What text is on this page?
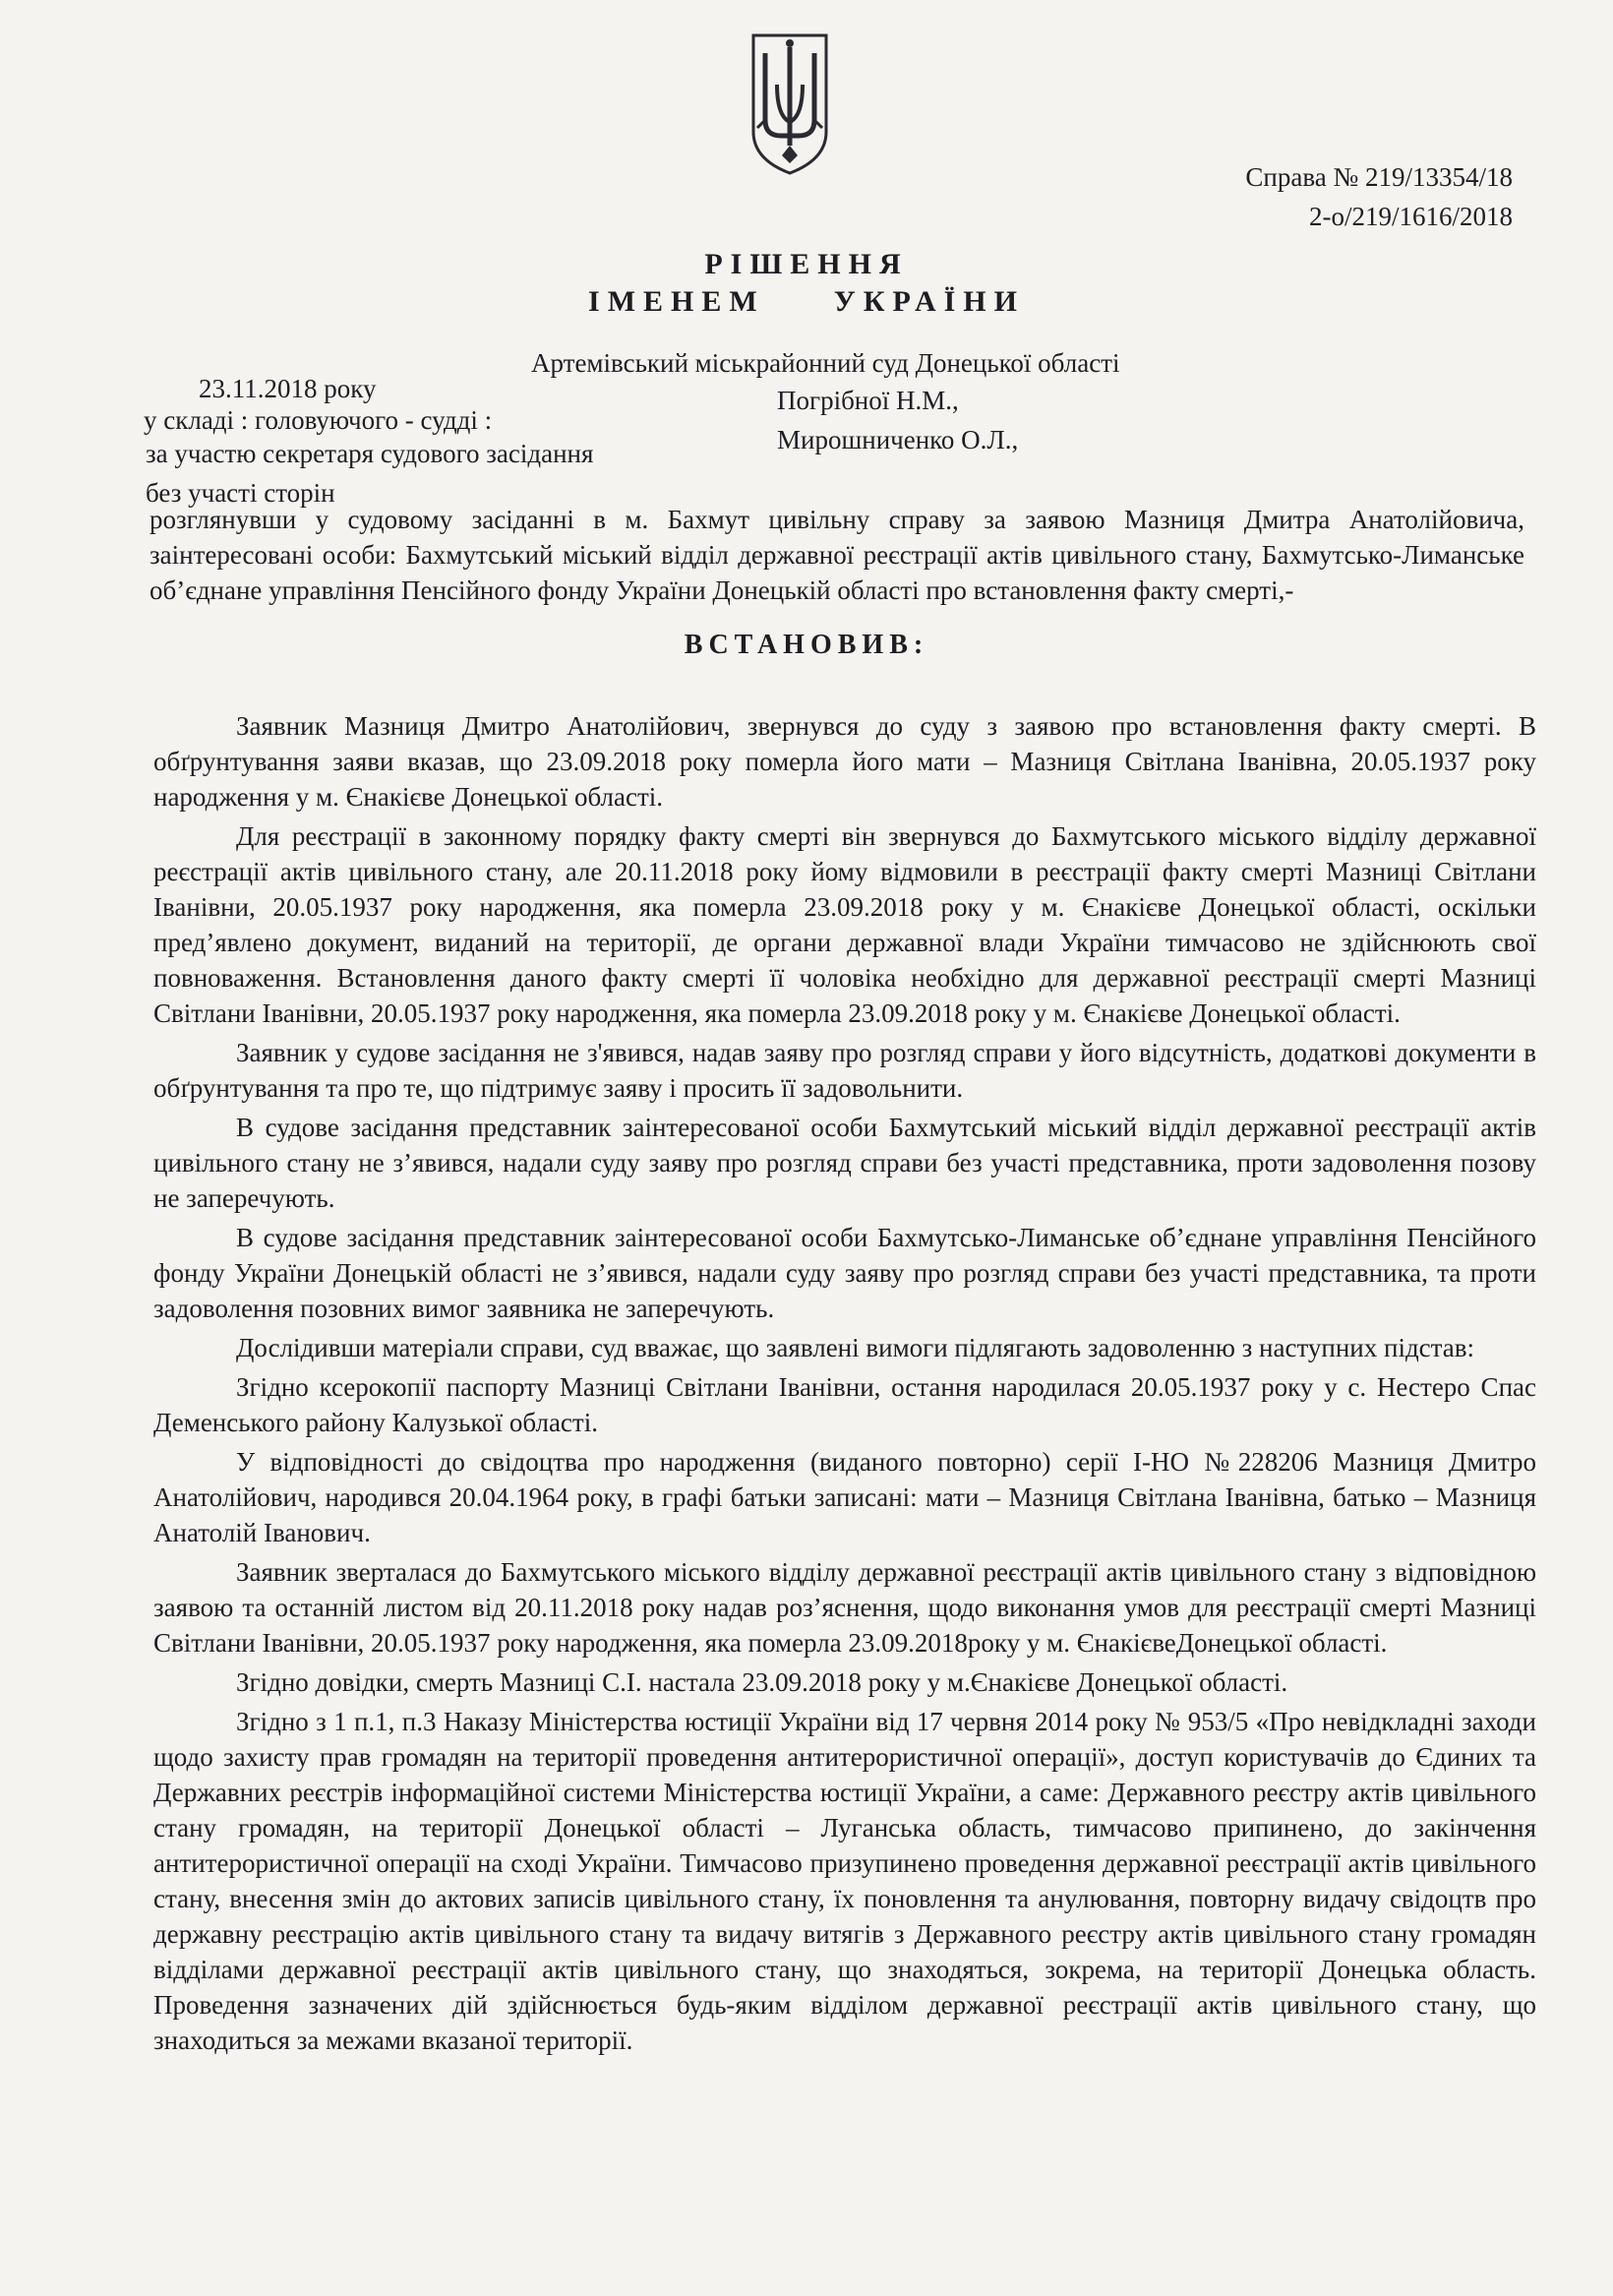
Справа № 219/13354/18
2-о/219/1616/2018
РІШЕННЯ
ІМЕНЕМ УКРАЇНИ
23.11.2018 року
Артемівський міськрайонний суд Донецької області
у складі : головуючого - судді :
Погрібної Н.М.,
за участю секретаря судового засідання	Мирошниченко О.Л.,
без участі сторін
розглянувши у судовому засіданні в м. Бахмут цивільну справу за заявою Мазниця Дмитра Анатолійовича, заінтересовані особи: Бахмутський міський відділ державної реєстрації актів цивільного стану, Бахмутсько-Лиманське об’єднане управління Пенсійного фонду України Донецькій області про встановлення факту смерті,-
ВСТАНОВИВ:

Заявник Мазниця Дмитро Анатолійович, звернувся до суду з заявою про встановлення факту смерті. В обґрунтування заяви вказав, що 23.09.2018 року померла його мати – Мазниця Світлана Іванівна, 20.05.1937 року народження у м. Єнакієве Донецької області.

Для реєстрації в законному порядку факту смерті він звернувся до Бахмутського міського відділу державної реєстрації актів цивільного стану, але 20.11.2018 року йому відмовили в реєстрації факту смерті Мазниці Світлани Іванівни, 20.05.1937 року народження, яка померла 23.09.2018 року у м. Єнакієве Донецької області, оскільки пред’явлено документ, виданий на території, де органи державної влади України тимчасово не здійснюють свої повноваження. Встановлення даного факту смерті її чоловіка необхідно для державної реєстрації смерті Мазниці Світлани Іванівни, 20.05.1937 року народження, яка померла 23.09.2018 року у м. Єнакієве Донецької області.

Заявник у судове засідання не з'явився, надав заяву про розгляд справи у його відсутність, додаткові документи в обґрунтування та про те, що підтримує заяву і просить її задовольнити.

В судове засідання представник заінтересованої особи Бахмутський міський відділ державної реєстрації актів цивільного стану не з’явився, надали суду заяву про розгляд справи без участі представника, проти задоволення позову не заперечують.

В судове засідання представник заінтересованої особи Бахмутсько-Лиманське об’єднане управління Пенсійного фонду України Донецькій області не з’явився, надали суду заяву про розгляд справи без участі представника, та проти задоволення позовних вимог заявника не заперечують.

Дослідивши матеріали справи, суд вважає, що заявлені вимоги підлягають задоволенню з наступних підстав:

Згідно ксерокопії паспорту Мазниці Світлани Іванівни, остання народилася 20.05.1937 року у с. Нестеро Спас Деменського району Калузької області.

У відповідності до свідоцтва про народження (виданого повторно) серії І-НО №228206 Мазниця Дмитро Анатолійович, народився 20.04.1964 року, в графі батьки записані: мати – Мазниця Світлана Іванівна, батько – Мазниця Анатолій Іванович.

Заявник зверталася до Бахмутського міського відділу державної реєстрації актів цивільного стану з відповідною заявою та останній листом від 20.11.2018 року надав роз’яснення, щодо виконання умов для реєстрації смерті Мазниці Світлани Іванівни, 20.05.1937 року народження, яка померла 23.09.2018року у м. ЄнакієвеДонецької області.

Згідно довідки, смерть Мазниці С.І. настала 23.09.2018 року у м.Єнакієве Донецької області.

Згідно з 1 п.1, п.3 Наказу Міністерства юстиції України від 17 червня 2014 року № 953/5 «Про невідкладні заходи щодо захисту прав громадян на території проведення антитерористичної операції», доступ користувачів до Єдиних та Державних реєстрів інформаційної системи Міністерства юстиції України, а саме: Державного реєстру актів цивільного стану громадян, на території Донецької області – Луганська область, тимчасово припинено, до закінчення антитерористичної операції на сході України. Тимчасово призупинено проведення державної реєстрації актів цивільного стану, внесення змін до актових записів цивільного стану, їх поновлення та анулювання, повторну видачу свідоцтв про державну реєстрацію актів цивільного стану та видачу витягів з Державного реєстру актів цивільного стану громадян відділами державної реєстрації актів цивільного стану, що знаходяться, зокрема, на території Донецька область. Проведення зазначених дій здійснюється будь-яким відділом державної реєстрації актів цивільного стану, що знаходиться за межами вказаної території.
